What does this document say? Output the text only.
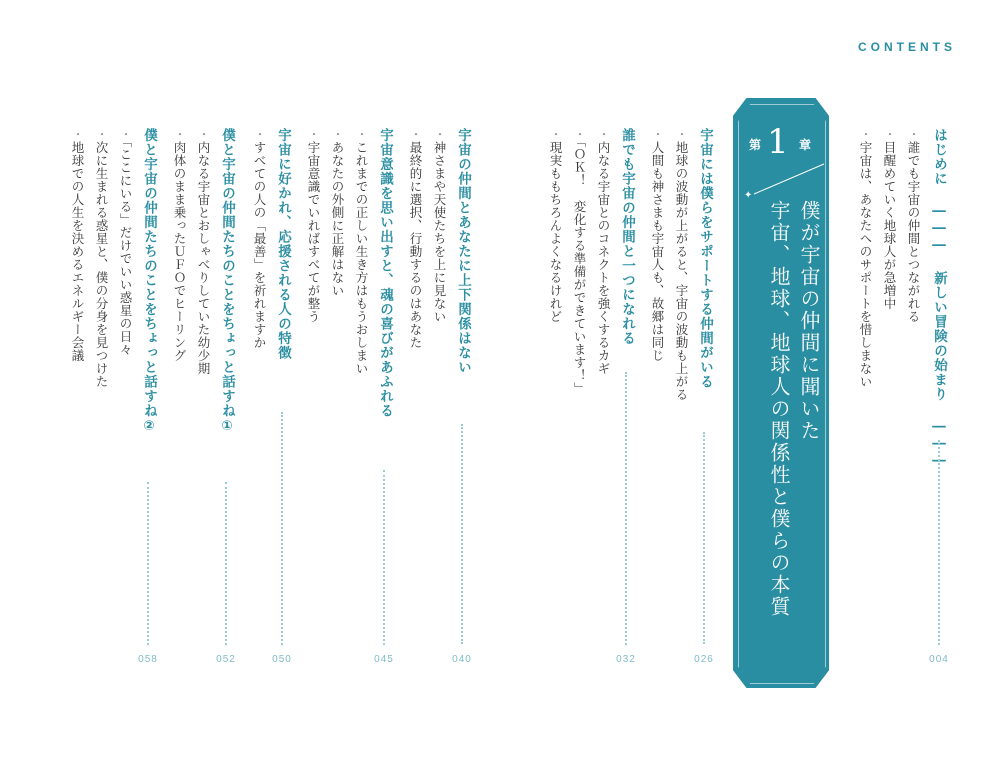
CONTENTS
はじめに ――― 新しい冒険の始まり ―――
・ 誰でも宇宙の仲間とつながれる
・ 目醒めていく地球人が急増中
・ 宇宙は、あなたへのサポートを惜しまない
004
第 1 章
✦
僕が宇宙の仲間に聞いた
宇宙、地球、地球人の関係性と僕らの本質
宇宙には僕らをサポートする仲間がいる
026
・ 地球の波動が上がると、宇宙の波動も上がる
・ 人間も神さまも宇宙人も、故郷は同じ
誰でも宇宙の仲間と一つになれる
032
・ 内なる宇宙とのコネクトを強くするカギ
・ 「ＯＫ！　変化する準備ができています！」
・ 現実ももちろんよくなるけれど
宇宙の仲間とあなたに上下関係はない
040
・ 神さまや天使たちを上に見ない
・ 最終的に選択、行動するのはあなた
宇宙意識を思い出すと、魂の喜びがあふれる
045
・ これまでの正しい生き方はもうおしまい
・ あなたの外側に正解はない
・ 宇宙意識でいればすべてが整う
宇宙に好かれ、応援される人の特徴
050
・ すべての人の「最善」を祈れますか
僕と宇宙の仲間たちのことをちょっと話すね①
052
・ 内なる宇宙とおしゃべりしていた幼少期
・ 肉体のまま乗ったＵＦＯでヒーリング
僕と宇宙の仲間たちのことをちょっと話すね②
058
・ 「ここにいる」だけでいい惑星の日々
・ 次に生まれる惑星と、僕の分身を見つけた
・ 地球での人生を決めるエネルギー会議
